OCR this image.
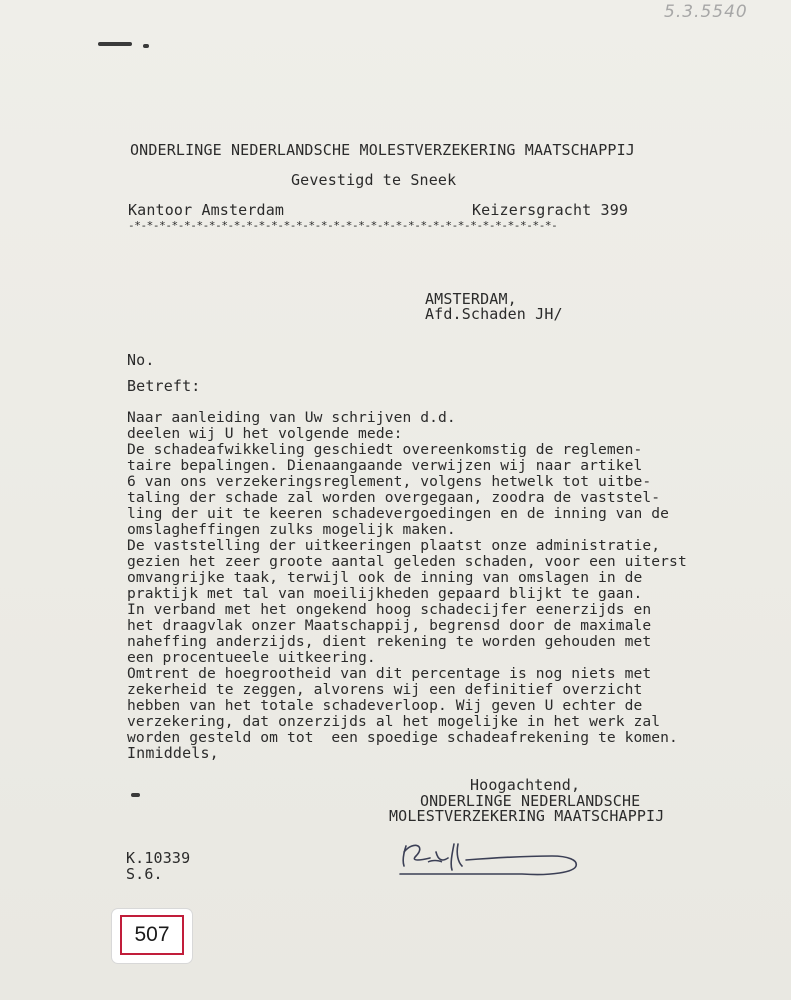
5.3.5540
ONDERLINGE NEDERLANDSCHE MOLESTVERZEKERING MAATSCHAPPIJ
Gevestigd te Sneek
Kantoor Amsterdam	Keizersgracht 399
-*-*-*-*-*-*-*-*-*-*-*-*-*-*-*-*-*-*-*-*-*-*-*-*-*-*-*-*-*-*-*-*-*-*-
AMSTERDAM,
Afd.Schaden JH/
No.
Betreft:
Naar aanleiding van Uw schrijven d.d.
deelen wij U het volgende mede:
De schadeafwikkeling geschiedt overeenkomstig de reglemen-
taire bepalingen. Dienaangaande verwijzen wij naar artikel
6 van ons verzekeringsreglement, volgens hetwelk tot uitbe-
taling der schade zal worden overgegaan, zoodra de vaststel-
ling der uit te keeren schadevergoedingen en de inning van de
omslagheffingen zulks mogelijk maken.
De vaststelling der uitkeeringen plaatst onze administratie,
gezien het zeer groote aantal geleden schaden, voor een uiterst
omvangrijke taak, terwijl ook de inning van omslagen in de
praktijk met tal van moeilijkheden gepaard blijkt te gaan.
In verband met het ongekend hoog schadecijfer eenerzijds en
het draagvlak onzer Maatschappij, begrensd door de maximale
naheffing anderzijds, dient rekening te worden gehouden met
een procentueele uitkeering.
Omtrent de hoegrootheid van dit percentage is nog niets met
zekerheid te zeggen, alvorens wij een definitief overzicht
hebben van het totale schadeverloop. Wij geven U echter de
verzekering, dat onzerzijds al het mogelijke in het werk zal
worden gesteld om tot  een spoedige schadeafrekening te komen.
Inmiddels,
Hoogachtend,
ONDERLINGE NEDERLANDSCHE
MOLESTVERZEKERING MAATSCHAPPIJ
K.10339
S.6.
507
